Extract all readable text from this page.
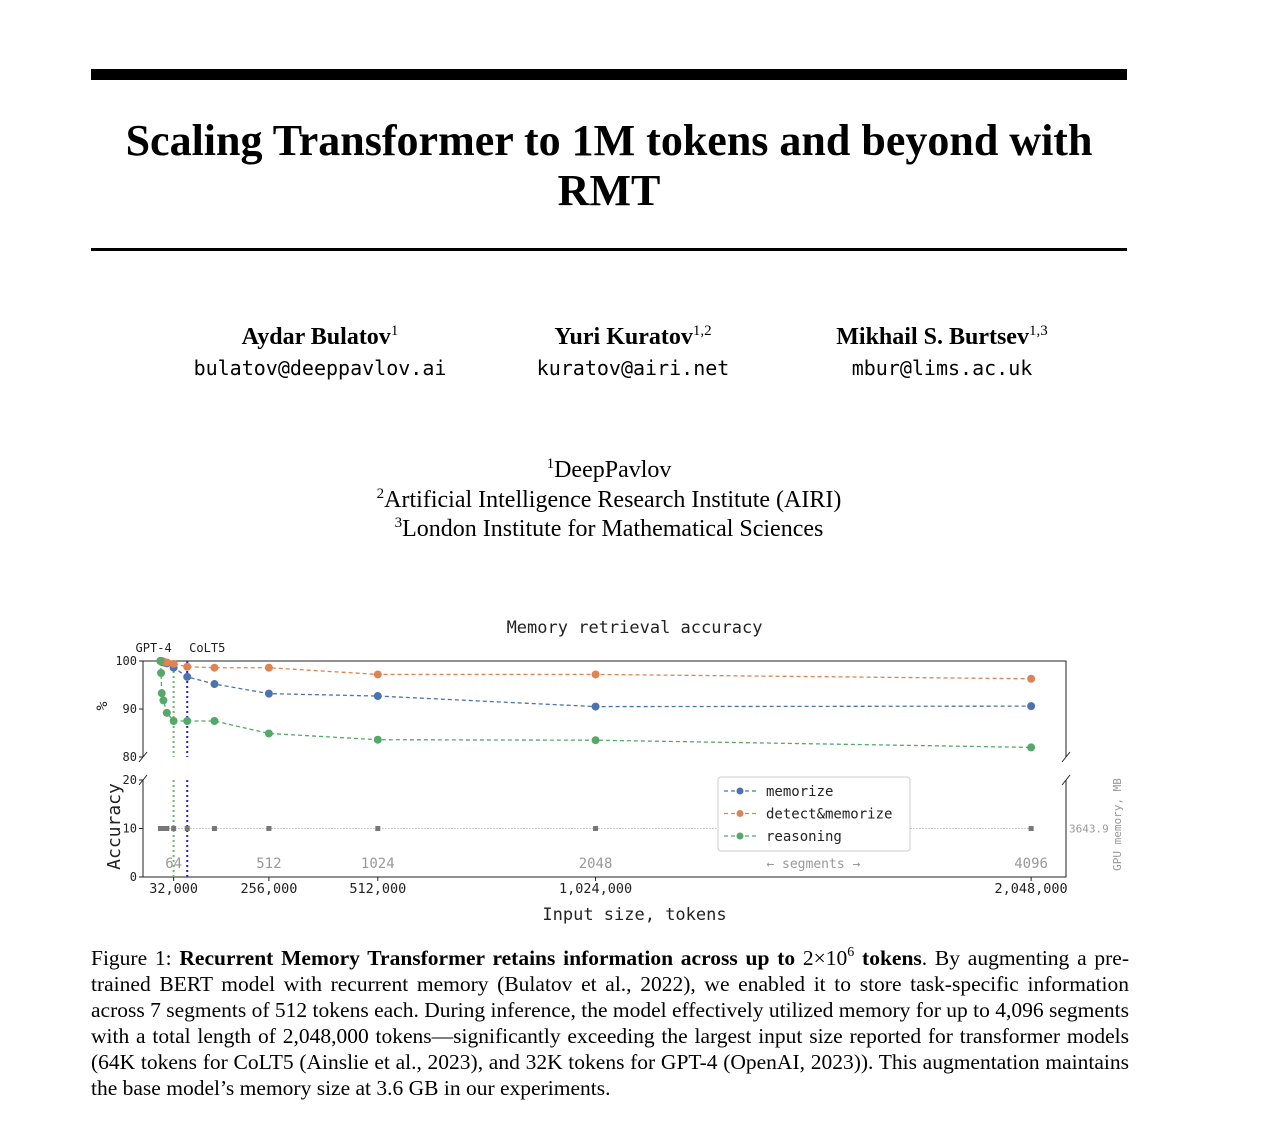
Scaling Transformer to 1M tokens and beyond with
RMT
Aydar Bulatov$^1$
bulatov@deeppavlov.ai
Yuri Kuratov$^{1,2}$
kuratov@airi.net
Mikhail S. Burtsev$^{1,3}$
mbur@lims.ac.uk
$^1$DeepPavlov
$^2$Artificial Intelligence Research Institute (AIRI)
$^3$London Institute for Mathematical Sciences
Memory retrieval accuracy
80
90
100
0
10
20
Accuracy
%
GPU memory, MB
32,000	256,000	512,000	1,024,000	2,048,000
Input size, tokens
64	512	1024	2048	4096
← segments →
GPT-4 CoLT5
3643.9
memorize
detect&memorize
reasoning
Figure 1: Recurrent Memory Transformer retains information across up to $2\times 10^6$ tokens. By augmenting a pre-trained BERT model with recurrent memory (Bulatov et al., 2022), we enabled it to store task-specific information across 7 segments of 512 tokens each. During inference, the model effectively utilized memory for up to 4,096 segments with a total length of 2,048,000 tokens—significantly exceeding the largest input size reported for transformer models (64K tokens for CoLT5 (Ainslie et al., 2023), and 32K tokens for GPT-4 (OpenAI, 2023)). This augmentation maintains the base model’s memory size at 3.6 GB in our experiments.
